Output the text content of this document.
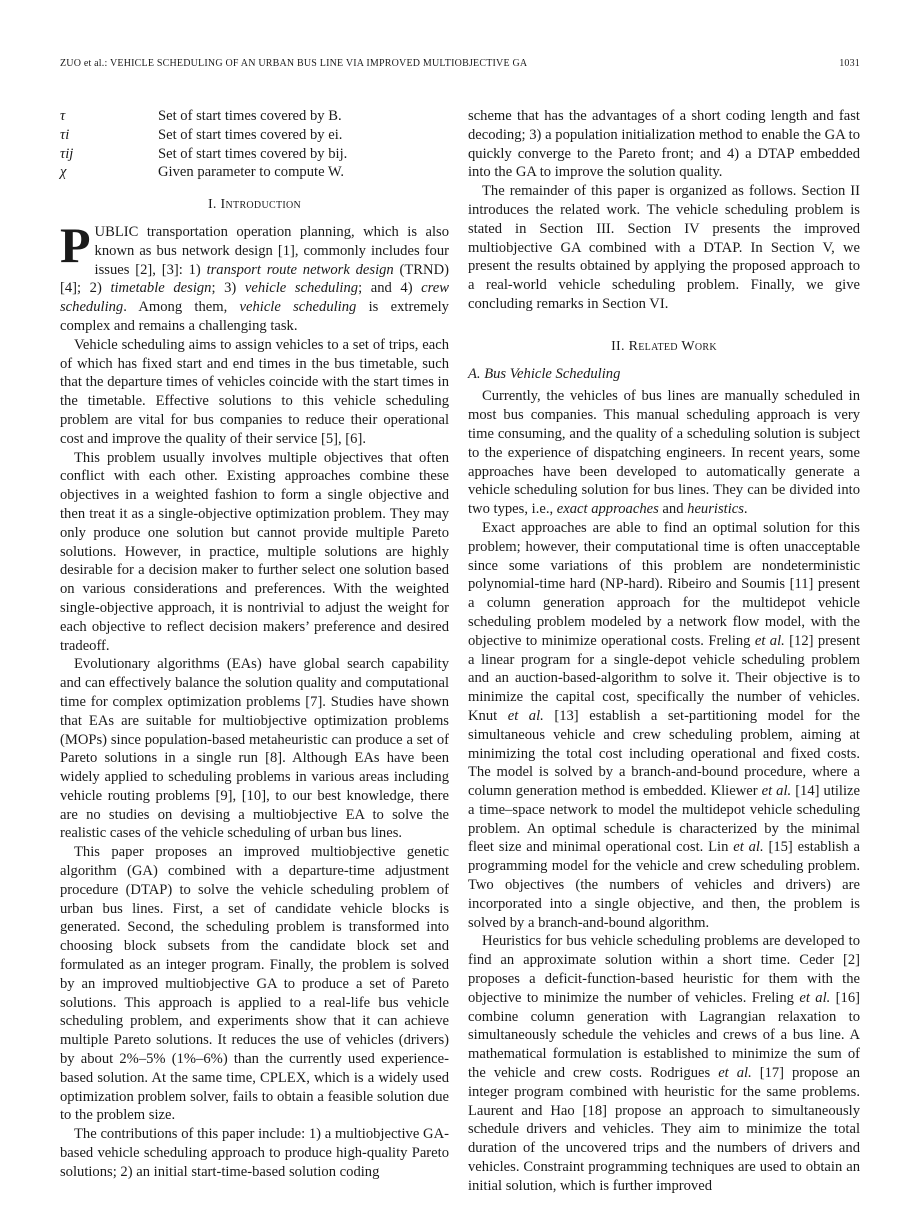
ZUO et al.: VEHICLE SCHEDULING OF AN URBAN BUS LINE VIA IMPROVED MULTIOBJECTIVE GA	1031
τ	Set of start times covered by B.
τi	Set of start times covered by ei.
τij	Set of start times covered by bij.
χ	Given parameter to compute W.
I. Introduction

PUBLIC transportation operation planning, which is also known as bus network design [1], commonly includes four issues [2], [3]: 1) transport route network design (TRND) [4]; 2) timetable design; 3) vehicle scheduling; and 4) crew scheduling. Among them, vehicle scheduling is extremely complex and remains a challenging task.

Vehicle scheduling aims to assign vehicles to a set of trips, each of which has fixed start and end times in the bus timetable, such that the departure times of vehicles coincide with the start times in the timetable. Effective solutions to this vehicle scheduling problem are vital for bus companies to reduce their operational cost and improve the quality of their service [5], [6].

This problem usually involves multiple objectives that often conflict with each other. Existing approaches combine these objectives in a weighted fashion to form a single objective and then treat it as a single-objective optimization problem. They may only produce one solution but cannot provide multiple Pareto solutions. However, in practice, multiple solutions are highly desirable for a decision maker to further select one solution based on various considerations and preferences. With the weighted single-objective approach, it is nontrivial to adjust the weight for each objective to reflect decision makers’ preference and desired tradeoff.

Evolutionary algorithms (EAs) have global search capability and can effectively balance the solution quality and computational time for complex optimization problems [7]. Studies have shown that EAs are suitable for multiobjective optimization problems (MOPs) since population-based metaheuristic can produce a set of Pareto solutions in a single run [8]. Although EAs have been widely applied to scheduling problems in various areas including vehicle routing problems [9], [10], to our best knowledge, there are no studies on devising a multiobjective EA to solve the realistic cases of the vehicle scheduling of urban bus lines.

This paper proposes an improved multiobjective genetic algorithm (GA) combined with a departure-time adjustment procedure (DTAP) to solve the vehicle scheduling problem of urban bus lines. First, a set of candidate vehicle blocks is generated. Second, the scheduling problem is transformed into choosing block subsets from the candidate block set and formulated as an integer program. Finally, the problem is solved by an improved multiobjective GA to produce a set of Pareto solutions. This approach is applied to a real-life bus vehicle scheduling problem, and experiments show that it can achieve multiple Pareto solutions. It reduces the use of vehicles (drivers) by about 2%–5% (1%–6%) than the currently used experience-based solution. At the same time, CPLEX, which is a widely used optimization problem solver, fails to obtain a feasible solution due to the problem size.

The contributions of this paper include: 1) a multiobjective GA-based vehicle scheduling approach to produce high-quality Pareto solutions; 2) an initial start-time-based solution coding

scheme that has the advantages of a short coding length and fast decoding; 3) a population initialization method to enable the GA to quickly converge to the Pareto front; and 4) a DTAP embedded into the GA to improve the solution quality.

The remainder of this paper is organized as follows. Section II introduces the related work. The vehicle scheduling problem is stated in Section III. Section IV presents the improved multiobjective GA combined with a DTAP. In Section V, we present the results obtained by applying the proposed approach to a real-world vehicle scheduling problem. Finally, we give concluding remarks in Section VI.

II. Related Work
A. Bus Vehicle Scheduling

Currently, the vehicles of bus lines are manually scheduled in most bus companies. This manual scheduling approach is very time consuming, and the quality of a scheduling solution is subject to the experience of dispatching engineers. In recent years, some approaches have been developed to automatically generate a vehicle scheduling solution for bus lines. They can be divided into two types, i.e., exact approaches and heuristics.

Exact approaches are able to find an optimal solution for this problem; however, their computational time is often unacceptable since some variations of this problem are nondeterministic polynomial-time hard (NP-hard). Ribeiro and Soumis [11] present a column generation approach for the multidepot vehicle scheduling problem modeled by a network flow model, with the objective to minimize operational costs. Freling et al. [12] present a linear program for a single-depot vehicle scheduling problem and an auction-based-algorithm to solve it. Their objective is to minimize the capital cost, specifically the number of vehicles. Knut et al. [13] establish a set-partitioning model for the simultaneous vehicle and crew scheduling problem, aiming at minimizing the total cost including operational and fixed costs. The model is solved by a branch-and-bound procedure, where a column generation method is embedded. Kliewer et al. [14] utilize a time–space network to model the multidepot vehicle scheduling problem. An optimal schedule is characterized by the minimal fleet size and minimal operational cost. Lin et al. [15] establish a programming model for the vehicle and crew scheduling problem. Two objectives (the numbers of vehicles and drivers) are incorporated into a single objective, and then, the problem is solved by a branch-and-bound algorithm.

Heuristics for bus vehicle scheduling problems are developed to find an approximate solution within a short time. Ceder [2] proposes a deficit-function-based heuristic for them with the objective to minimize the number of vehicles. Freling et al. [16] combine column generation with Lagrangian relaxation to simultaneously schedule the vehicles and crews of a bus line. A mathematical formulation is established to minimize the sum of the vehicle and crew costs. Rodrigues et al. [17] propose an integer program combined with heuristic for the same problems. Laurent and Hao [18] propose an approach to simultaneously schedule drivers and vehicles. They aim to minimize the total duration of the uncovered trips and the numbers of drivers and vehicles. Constraint programming techniques are used to obtain an initial solution, which is further improved
